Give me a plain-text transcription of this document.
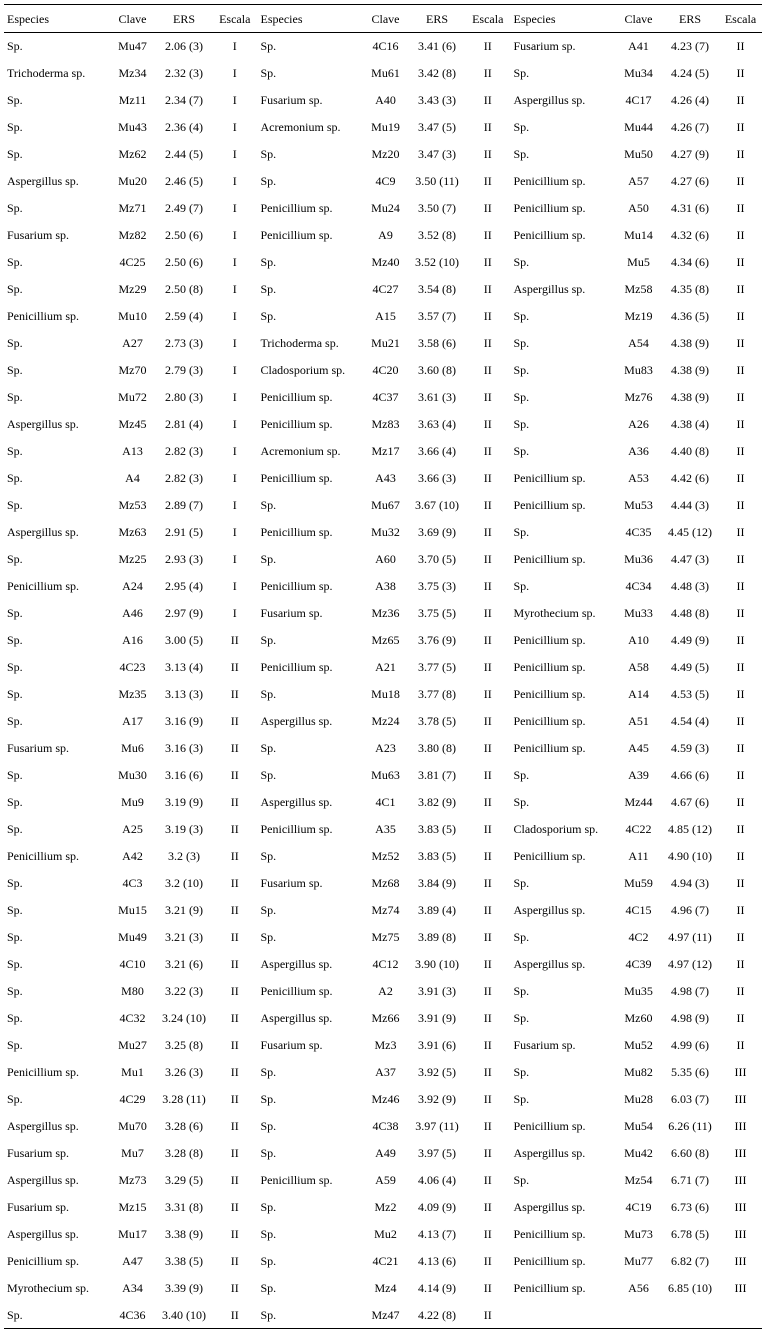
Especies	Clave	ERS	Escala	Especies	Clave	ERS	Escala	Especies	Clave	ERS	Escala
Sp.	Mu47	2.06 (3)	I	Sp.	4C16	3.41 (6)	II	Fusarium sp.	A41	4.23 (7)	II
Trichoderma sp.	Mz34	2.32 (3)	I	Sp.	Mu61	3.42 (8)	II	Sp.	Mu34	4.24 (5)	II
Sp.	Mz11	2.34 (7)	I	Fusarium sp.	A40	3.43 (3)	II	Aspergillus sp.	4C17	4.26 (4)	II
Sp.	Mu43	2.36 (4)	I	Acremonium sp.	Mu19	3.47 (5)	II	Sp.	Mu44	4.26 (7)	II
Sp.	Mz62	2.44 (5)	I	Sp.	Mz20	3.47 (3)	II	Sp.	Mu50	4.27 (9)	II
Aspergillus sp.	Mu20	2.46 (5)	I	Sp.	4C9	3.50 (11)	II	Penicillium sp.	A57	4.27 (6)	II
Sp.	Mz71	2.49 (7)	I	Penicillium sp.	Mu24	3.50 (7)	II	Penicillium sp.	A50	4.31 (6)	II
Fusarium sp.	Mz82	2.50 (6)	I	Penicillium sp.	A9	3.52 (8)	II	Penicillium sp.	Mu14	4.32 (6)	II
Sp.	4C25	2.50 (6)	I	Sp.	Mz40	3.52 (10)	II	Sp.	Mu5	4.34 (6)	II
Sp.	Mz29	2.50 (8)	I	Sp.	4C27	3.54 (8)	II	Aspergillus sp.	Mz58	4.35 (8)	II
Penicillium sp.	Mu10	2.59 (4)	I	Sp.	A15	3.57 (7)	II	Sp.	Mz19	4.36 (5)	II
Sp.	A27	2.73 (3)	I	Trichoderma sp.	Mu21	3.58 (6)	II	Sp.	A54	4.38 (9)	II
Sp.	Mz70	2.79 (3)	I	Cladosporium sp.	4C20	3.60 (8)	II	Sp.	Mu83	4.38 (9)	II
Sp.	Mu72	2.80 (3)	I	Penicillium sp.	4C37	3.61 (3)	II	Sp.	Mz76	4.38 (9)	II
Aspergillus sp.	Mz45	2.81 (4)	I	Penicillium sp.	Mz83	3.63 (4)	II	Sp.	A26	4.38 (4)	II
Sp.	A13	2.82 (3)	I	Acremonium sp.	Mz17	3.66 (4)	II	Sp.	A36	4.40 (8)	II
Sp.	A4	2.82 (3)	I	Penicillium sp.	A43	3.66 (3)	II	Penicillium sp.	A53	4.42 (6)	II
Sp.	Mz53	2.89 (7)	I	Sp.	Mu67	3.67 (10)	II	Penicillium sp.	Mu53	4.44 (3)	II
Aspergillus sp.	Mz63	2.91 (5)	I	Penicillium sp.	Mu32	3.69 (9)	II	Sp.	4C35	4.45 (12)	II
Sp.	Mz25	2.93 (3)	I	Sp.	A60	3.70 (5)	II	Penicillium sp.	Mu36	4.47 (3)	II
Penicillium sp.	A24	2.95 (4)	I	Penicillium sp.	A38	3.75 (3)	II	Sp.	4C34	4.48 (3)	II
Sp.	A46	2.97 (9)	I	Fusarium sp.	Mz36	3.75 (5)	II	Myrothecium sp.	Mu33	4.48 (8)	II
Sp.	A16	3.00 (5)	II	Sp.	Mz65	3.76 (9)	II	Penicillium sp.	A10	4.49 (9)	II
Sp.	4C23	3.13 (4)	II	Penicillium sp.	A21	3.77 (5)	II	Penicillium sp.	A58	4.49 (5)	II
Sp.	Mz35	3.13 (3)	II	Sp.	Mu18	3.77 (8)	II	Penicillium sp.	A14	4.53 (5)	II
Sp.	A17	3.16 (9)	II	Aspergillus sp.	Mz24	3.78 (5)	II	Penicillium sp.	A51	4.54 (4)	II
Fusarium sp.	Mu6	3.16 (3)	II	Sp.	A23	3.80 (8)	II	Penicillium sp.	A45	4.59 (3)	II
Sp.	Mu30	3.16 (6)	II	Sp.	Mu63	3.81 (7)	II	Sp.	A39	4.66 (6)	II
Sp.	Mu9	3.19 (9)	II	Aspergillus sp.	4C1	3.82 (9)	II	Sp.	Mz44	4.67 (6)	II
Sp.	A25	3.19 (3)	II	Penicillium sp.	A35	3.83 (5)	II	Cladosporium sp.	4C22	4.85 (12)	II
Penicillium sp.	A42	3.2 (3)	II	Sp.	Mz52	3.83 (5)	II	Penicillium sp.	A11	4.90 (10)	II
Sp.	4C3	3.2 (10)	II	Fusarium sp.	Mz68	3.84 (9)	II	Sp.	Mu59	4.94 (3)	II
Sp.	Mu15	3.21 (9)	II	Sp.	Mz74	3.89 (4)	II	Aspergillus sp.	4C15	4.96 (7)	II
Sp.	Mu49	3.21 (3)	II	Sp.	Mz75	3.89 (8)	II	Sp.	4C2	4.97 (11)	II
Sp.	4C10	3.21 (6)	II	Aspergillus sp.	4C12	3.90 (10)	II	Aspergillus sp.	4C39	4.97 (12)	II
Sp.	M80	3.22 (3)	II	Penicillium sp.	A2	3.91 (3)	II	Sp.	Mu35	4.98 (7)	II
Sp.	4C32	3.24 (10)	II	Aspergillus sp.	Mz66	3.91 (9)	II	Sp.	Mz60	4.98 (9)	II
Sp.	Mu27	3.25 (8)	II	Fusarium sp.	Mz3	3.91 (6)	II	Fusarium sp.	Mu52	4.99 (6)	II
Penicillium sp.	Mu1	3.26 (3)	II	Sp.	A37	3.92 (5)	II	Sp.	Mu82	5.35 (6)	III
Sp.	4C29	3.28 (11)	II	Sp.	Mz46	3.92 (9)	II	Sp.	Mu28	6.03 (7)	III
Aspergillus sp.	Mu70	3.28 (6)	II	Sp.	4C38	3.97 (11)	II	Penicillium sp.	Mu54	6.26 (11)	III
Fusarium sp.	Mu7	3.28 (8)	II	Sp.	A49	3.97 (5)	II	Aspergillus sp.	Mu42	6.60 (8)	III
Aspergillus sp.	Mz73	3.29 (5)	II	Penicillium sp.	A59	4.06 (4)	II	Sp.	Mz54	6.71 (7)	III
Fusarium sp.	Mz15	3.31 (8)	II	Sp.	Mz2	4.09 (9)	II	Aspergillus sp.	4C19	6.73 (6)	III
Aspergillus sp.	Mu17	3.38 (9)	II	Sp.	Mu2	4.13 (7)	II	Penicillium sp.	Mu73	6.78 (5)	III
Penicillium sp.	A47	3.38 (5)	II	Sp.	4C21	4.13 (6)	II	Penicillium sp.	Mu77	6.82 (7)	III
Myrothecium sp.	A34	3.39 (9)	II	Sp.	Mz4	4.14 (9)	II	Penicillium sp.	A56	6.85 (10)	III
Sp.	4C36	3.40 (10)	II	Sp.	Mz47	4.22 (8)	II				
